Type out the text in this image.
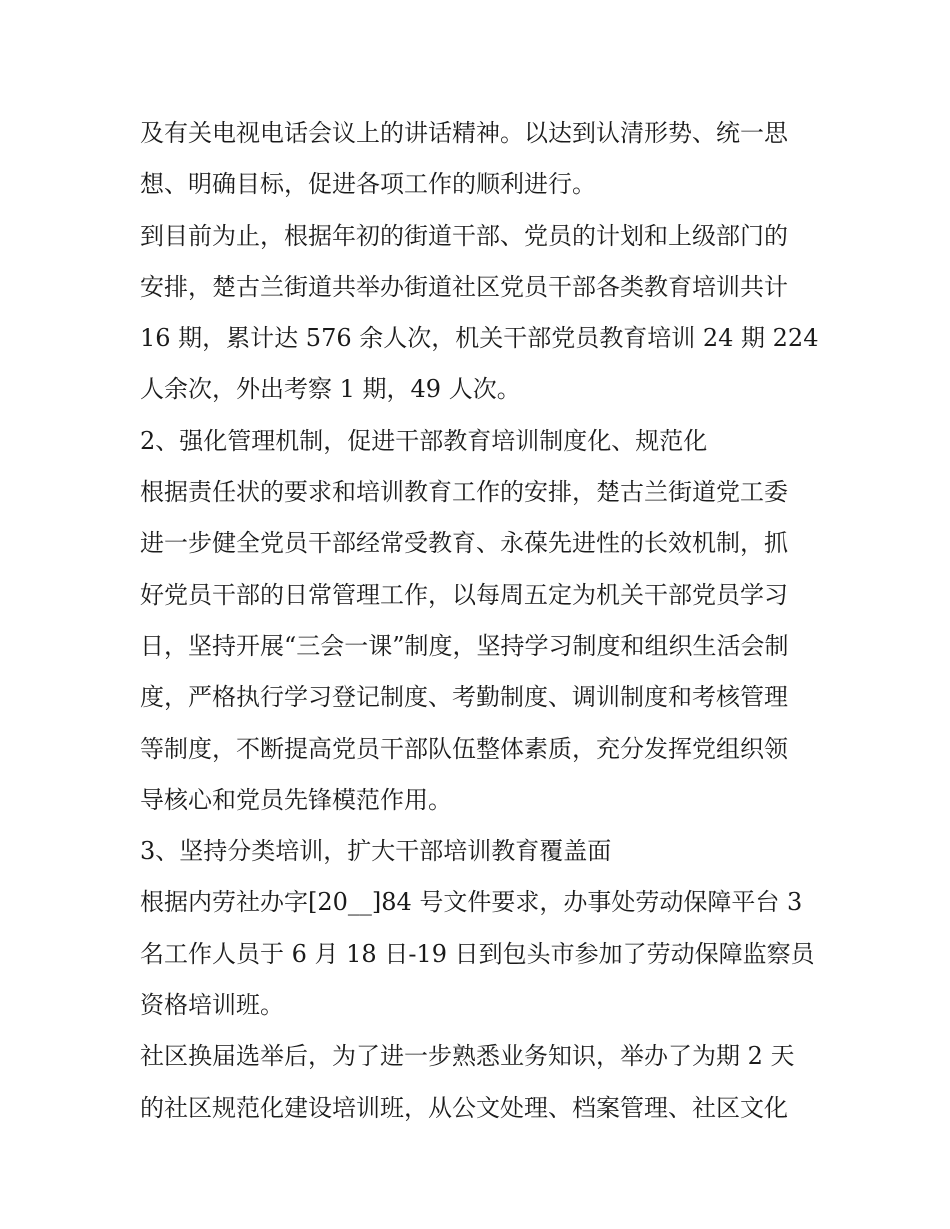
及有关电视电话会议上的讲话精神。以达到认清形势、统一思
想、明确目标，促进各项工作的顺利进行。
到目前为止，根据年初的街道干部、党员的计划和上级部门的
安排，楚古兰街道共举办街道社区党员干部各类教育培训共计
16 期，累计达 576 余人次，机关干部党员教育培训 24 期 224
人余次，外出考察 1 期，49 人次。
2、强化管理机制，促进干部教育培训制度化、规范化
根据责任状的要求和培训教育工作的安排，楚古兰街道党工委
进一步健全党员干部经常受教育、永葆先进性的长效机制，抓
好党员干部的日常管理工作，以每周五定为机关干部党员学习
日，坚持开展“三会一课”制度，坚持学习制度和组织生活会制
度，严格执行学习登记制度、考勤制度、调训制度和考核管理
等制度，不断提高党员干部队伍整体素质，充分发挥党组织领
导核心和党员先锋模范作用。
3、坚持分类培训，扩大干部培训教育覆盖面
根据内劳社办字[20__]84 号文件要求，办事处劳动保障平台 3
名工作人员于 6 月 18 日-19 日到包头市参加了劳动保障监察员
资格培训班。
社区换届选举后，为了进一步熟悉业务知识，举办了为期 2 天
的社区规范化建设培训班，从公文处理、档案管理、社区文化
